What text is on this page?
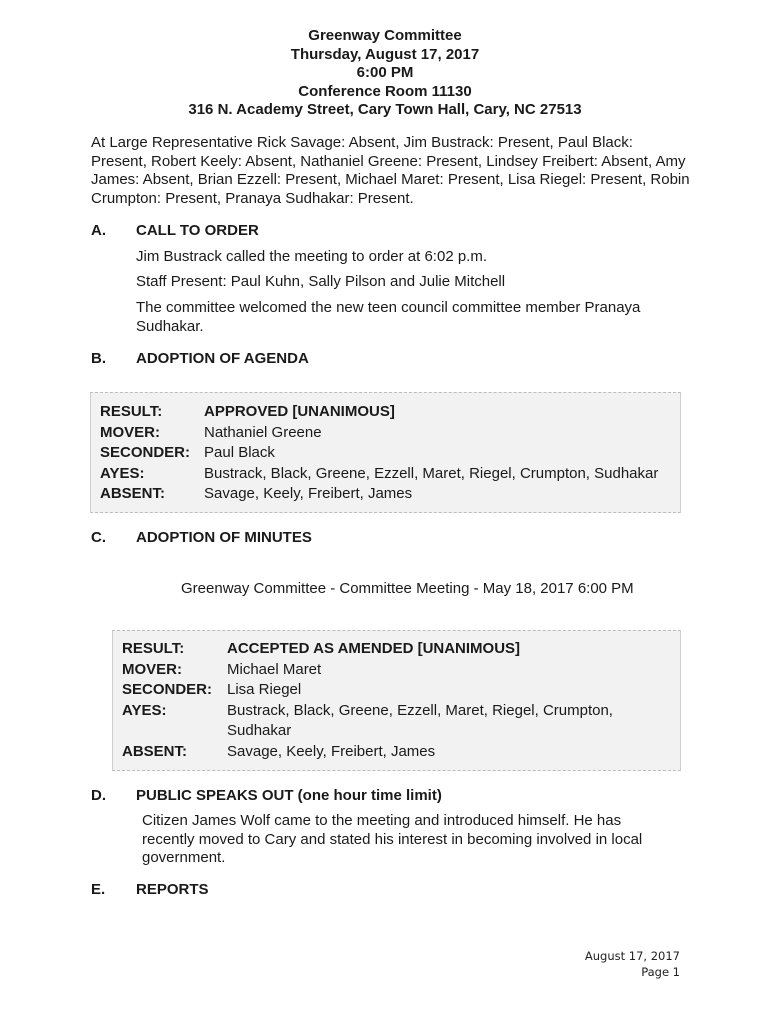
Greenway Committee
Thursday, August 17, 2017
6:00 PM
Conference Room 11130
316 N. Academy Street, Cary Town Hall, Cary, NC 27513
At Large Representative Rick Savage: Absent, Jim Bustrack: Present, Paul Black: Present, Robert Keely: Absent, Nathaniel Greene: Present, Lindsey Freibert: Absent, Amy James: Absent, Brian Ezzell: Present, Michael Maret: Present, Lisa Riegel: Present, Robin Crumpton: Present, Pranaya Sudhakar: Present.
A. CALL TO ORDER
Jim Bustrack called the meeting to order at 6:02 p.m.
Staff Present: Paul Kuhn, Sally Pilson and Julie Mitchell
The committee welcomed the new teen council committee member Pranaya Sudhakar.
B. ADOPTION OF AGENDA
RESULT:	APPROVED [UNANIMOUS]
MOVER:	Nathaniel Greene
SECONDER: Paul Black
AYES:	Bustrack, Black, Greene, Ezzell, Maret, Riegel, Crumpton, Sudhakar
ABSENT:	Savage, Keely, Freibert, James
C. ADOPTION OF MINUTES
Greenway Committee - Committee Meeting - May 18, 2017 6:00 PM
RESULT:	ACCEPTED AS AMENDED [UNANIMOUS]
MOVER:	Michael Maret
SECONDER: Lisa Riegel
AYES:	Bustrack, Black, Greene, Ezzell, Maret, Riegel, Crumpton,
Sudhakar
ABSENT:	Savage, Keely, Freibert, James
D. PUBLIC SPEAKS OUT (one hour time limit)
Citizen James Wolf came to the meeting and introduced himself. He has recently moved to Cary and stated his interest in becoming involved in local government.
E. REPORTS
August 17, 2017
Page 1
